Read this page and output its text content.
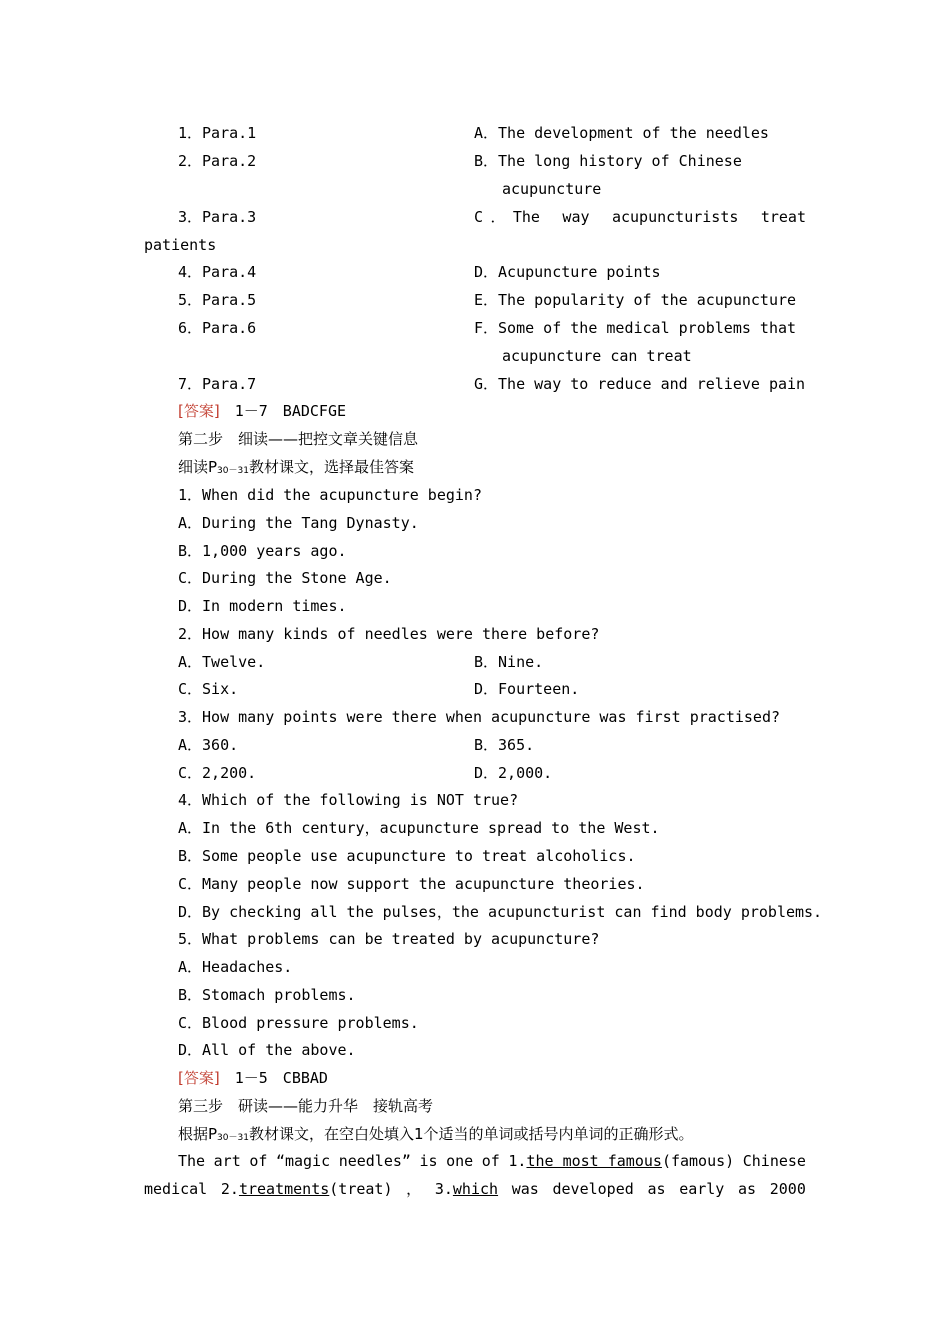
1．Para.1	A．The development of the needles
2．Para.2	B．The long history of Chinese
acupuncture
3．Para.3	C．The way acupuncturists treat
patients
4．Para.4	D．Acupuncture points
5．Para.5	E．The popularity of the acupuncture
6．Para.6	F．Some of the medical problems that
acupuncture can treat
7．Para.7	G．The way to reduce and relieve pain
[答案]　 1－7　BADCFGE
第二步　细读——把控文章关键信息
细读$P_{30-31}$教材课文，选择最佳答案
1．When did the acupuncture begin?
A．During the Tang Dynasty.
B．1,000 years ago.
C．During the Stone Age.
D．In modern times.
2．How many kinds of needles were there before?
A．Twelve.	B．Nine.
C．Six.	D．Fourteen.
3．How many points were there when acupuncture was first practised?
A．360.	B．365.
C．2,200.	D．2,000.
4．Which of the following is NOT true?
A．In the 6th century，acupuncture spread to the West.
B．Some people use acupuncture to treat alcoholics.
C．Many people now support the acupuncture theories.
D．By checking all the pulses，the acupuncturist can find body problems.
5．What problems can be treated by acupuncture?
A．Headaches.
B．Stomach problems.
C．Blood pressure problems.
D．All of the above.
[答案]　 1－5　CBBAD
第三步　研读——能力升华　接轨高考
根据$P_{30-31}$教材课文，在空白处填入1个适当的单词或括号内单词的正确形式。
The art of “magic needles” is one of 1.the most famous(famous) Chinese
medical 2.treatments(treat) ， 3.which was developed as early as 2000
